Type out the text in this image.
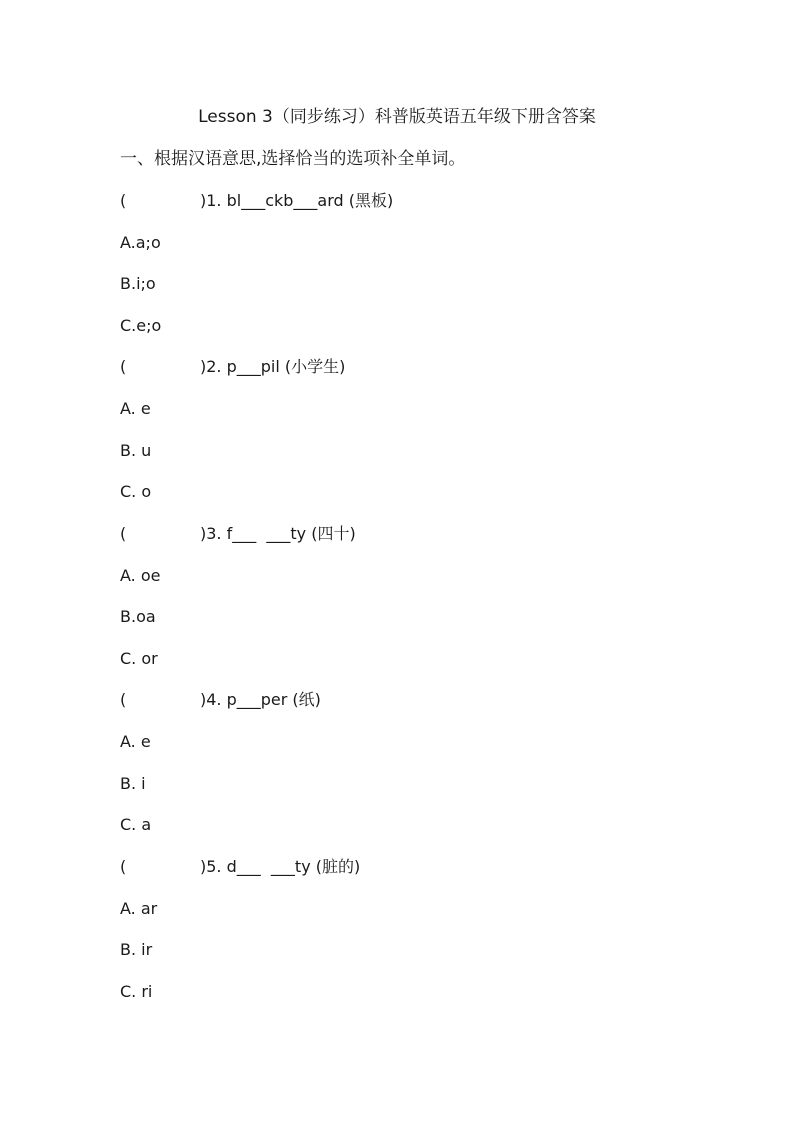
Lesson 3（同步练习）科普版英语五年级下册含答案
一、根据汉语意思,选择恰当的选项补全单词。
(	)1. bl___ckb___ard (黑板)
A.a;o
B.i;o
C.e;o
(	)2. p___pil (小学生)
A. e
B. u
C. o
(	)3. f___  ___ty (四十)
A. oe
B.oa
C. or
(	)4. p___per (纸)
A. e
B. i
C. a
(	)5. d___  ___ty (脏的)
A. ar
B. ir
C. ri
